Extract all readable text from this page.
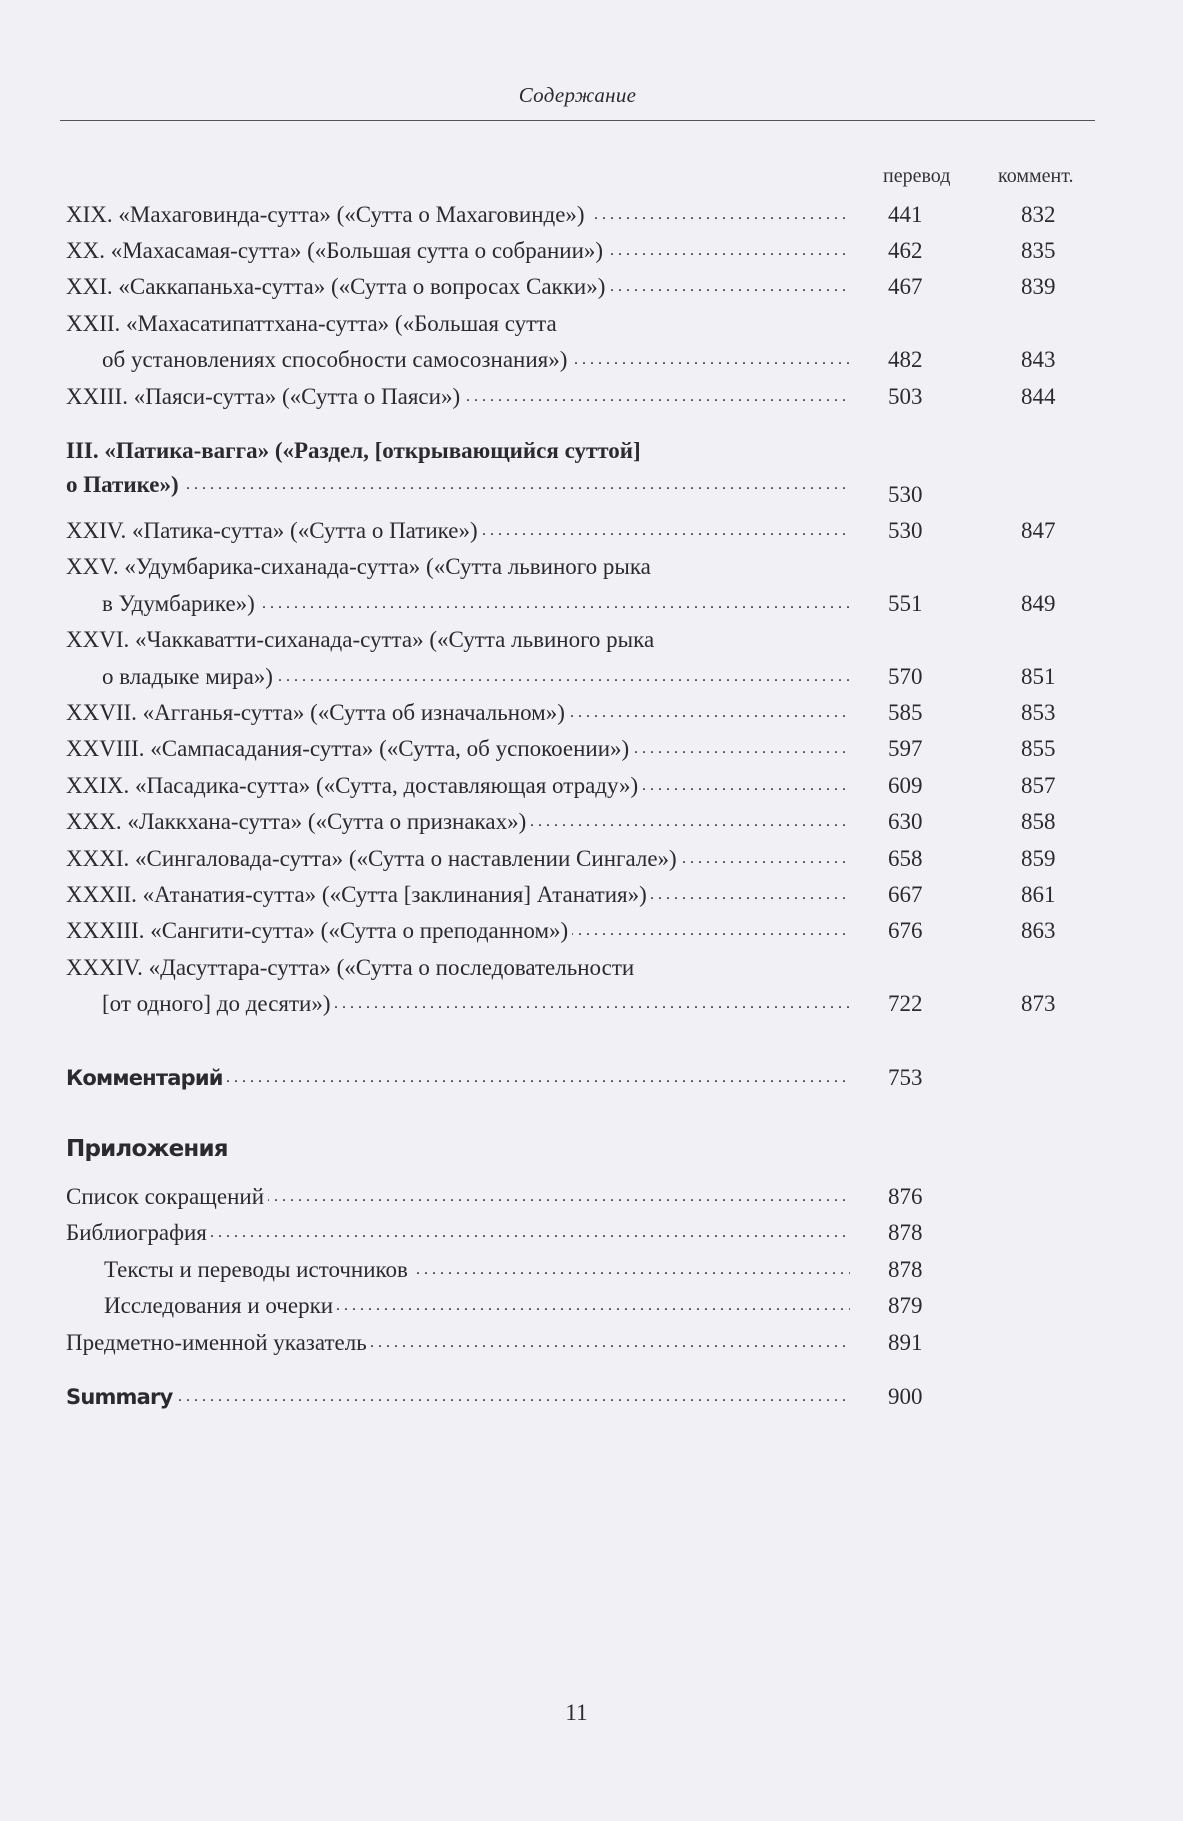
Содержание
перевод коммент.
XIX. «Махаговинда-сутта» («Сутта о Махаговинде») . . .	441	832
XX. «Махасамая-сутта» («Большая сутта о собрании») . . .	462	835
XXI. «Саккапаньха-сутта» («Сутта о вопросах Сакки») . . .	467	839
XXII. «Махасатипаттхана-сутта» («Большая сутта
об установлениях способности самосознания») . . .	482	843
XXIII. «Паяси-сутта» («Сутта о Паяси») . . .	503	844
III. «Патика-вагга» («Раздел, [открывающийся суттой]
о Патике») . . .	530
XXIV. «Патика-сутта» («Сутта о Патике») . . .	530	847
XXV. «Удумбарика-сиханада-сутта» («Сутта львиного рыка
в Удумбарике») . . .	551	849
XXVI. «Чаккаватти-сиханада-сутта» («Сутта львиного рыка
о владыке мира») . . .	570	851
XXVII. «Агганья-сутта» («Сутта об изначальном») . . .	585	853
XXVIII. «Сампасадания-сутта» («Сутта, об успокоении») . . .	597	855
XXIX. «Пасадика-сутта» («Сутта, доставляющая отраду») . . .	609	857
XXX. «Лаккхана-сутта» («Сутта о признаках») . . .	630	858
XXXI. «Сингаловада-сутта» («Сутта о наставлении Сингале») . . .	658	859
XXXII. «Атанатия-сутта» («Сутта [заклинания] Атанатия») . . .	667	861
XXXIII. «Сангити-сутта» («Сутта о преподанном») . . .	676	863
XXXIV. «Дасуттара-сутта» («Сутта о последовательности
[от одного] до десяти») . . .	722	873
Комментарий . . .	753
Приложения
Список сокращений . . .	876
Библиография . . .	878
Тексты и переводы источников . . .	878
Исследования и очерки . . .	879
Предметно-именной указатель . . .	891
Summary . . .	900
11
